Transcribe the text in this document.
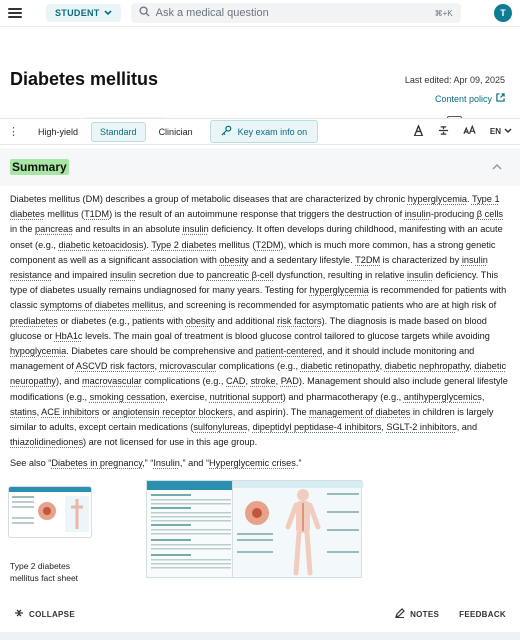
STUDENT	Ask a medical question	⌘+K	T
Diabetes mellitus	Last edited: Apr 09, 2025
Content policy
⋮	High-yield	Standard	Clinician	Key exam info on	EN
Summary

Diabetes mellitus (DM) describes a group of metabolic diseases that are characterized by chronic hyperglycemia. Type 1 diabetes mellitus (T1DM) is the result of an autoimmune response that triggers the destruction of insulin-producing β cells in the pancreas and results in an absolute insulin deficiency. It often develops during childhood, manifesting with an acute onset (e.g., diabetic ketoacidosis). Type 2 diabetes mellitus (T2DM), which is much more common, has a strong genetic component as well as a significant association with obesity and a sedentary lifestyle. T2DM is characterized by insulin resistance and impaired insulin secretion due to pancreatic β-cell dysfunction, resulting in relative insulin deficiency. This type of diabetes usually remains undiagnosed for many years. Testing for hyperglycemia is recommended for patients with classic symptoms of diabetes mellitus, and screening is recommended for asymptomatic patients who are at high risk of prediabetes or diabetes (e.g., patients with obesity and additional risk factors). The diagnosis is made based on blood glucose or HbA1c levels. The main goal of treatment is blood glucose control tailored to glucose targets while avoiding hypoglycemia. Diabetes care should be comprehensive and patient-centered, and it should include monitoring and management of ASCVD risk factors, microvascular complications (e.g., diabetic retinopathy, diabetic nephropathy, diabetic neuropathy), and macrovascular complications (e.g., CAD, stroke, PAD). Management should also include general lifestyle modifications (e.g., smoking cessation, exercise, nutritional support) and pharmacotherapy (e.g., antihyperglycemics, statins, ACE inhibitors or angiotensin receptor blockers, and aspirin). The management of diabetes in children is largely similar to adults, except certain medications (sulfonylureas, dipeptidyl peptidase-4 inhibitors, SGLT-2 inhibitors, and thiazolidinediones) are not licensed for use in this age group.

See also “Diabetes in pregnancy,” “Insulin,” and “Hyperglycemic crises.”

Type 2 diabetes mellitus fact sheet
COLLAPSE	NOTES	FEEDBACK
